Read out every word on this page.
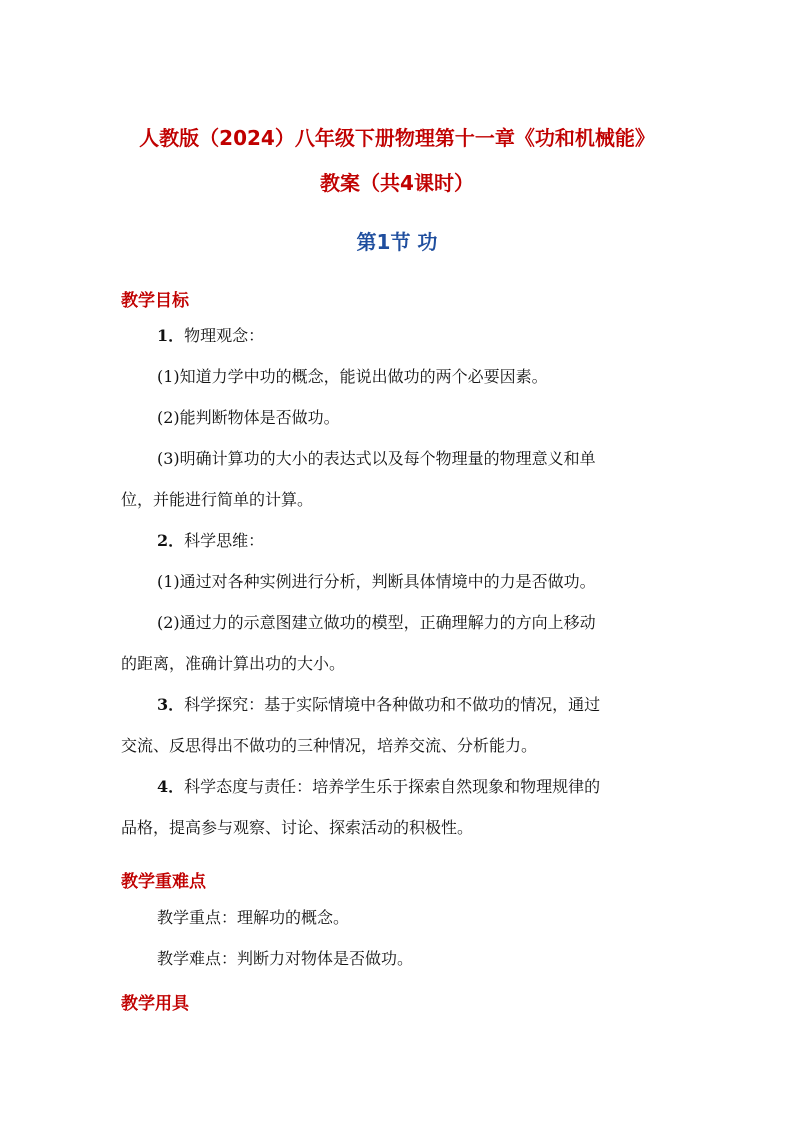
人教版（2024）八年级下册物理第十一章《功和机械能》
教案（共4课时）
第1节 功
教学目标
1．物理观念：
(1)知道力学中功的概念，能说出做功的两个必要因素。
(2)能判断物体是否做功。
(3)明确计算功的大小的表达式以及每个物理量的物理意义和单
位，并能进行简单的计算。
2．科学思维：
(1)通过对各种实例进行分析，判断具体情境中的力是否做功。
(2)通过力的示意图建立做功的模型，正确理解力的方向上移动
的距离，准确计算出功的大小。
3．科学探究：基于实际情境中各种做功和不做功的情况，通过
交流、反思得出不做功的三种情况，培养交流、分析能力。
4．科学态度与责任：培养学生乐于探索自然现象和物理规律的
品格，提高参与观察、讨论、探索活动的积极性。
教学重难点
教学重点：理解功的概念。
教学难点：判断力对物体是否做功。
教学用具
